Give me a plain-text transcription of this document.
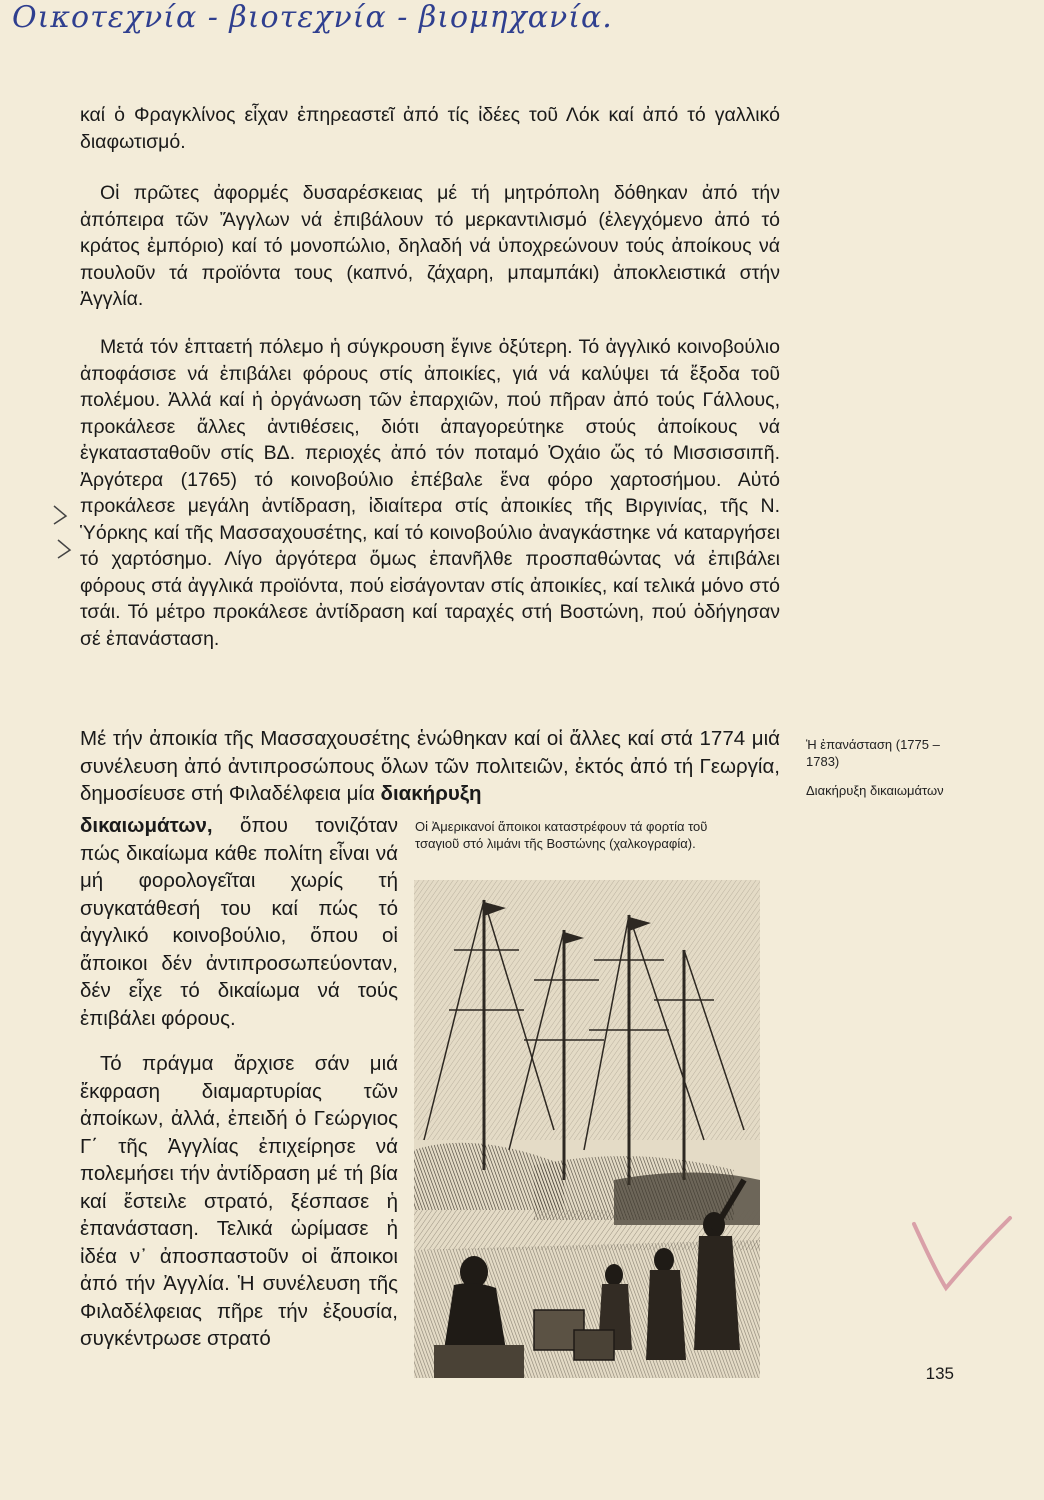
Οικοτεχνία - βιοτεχνία - βιομηχανία.

καί ὁ Φραγκλίνος εἶχαν ἐπηρεαστεῖ ἀπό τίς ἰδέες τοῦ Λόκ καί ἀπό τό γαλλικό διαφωτισμό.

Οἱ πρῶτες ἀφορμές δυσαρέσκειας μέ τή μητρόπολη δόθηκαν ἀπό τήν ἀπόπειρα τῶν Ἄγγλων νά ἐπιβάλουν τό μερκαντιλισμό (ἐλεγχόμενο ἀπό τό κράτος ἐμπόριο) καί τό μονοπώλιο, δηλαδή νά ὑποχρεώνουν τούς ἀποίκους νά πουλοῦν τά προϊόντα τους (καπνό, ζάχαρη, μπαμπάκι) ἀποκλειστικά στήν Ἀγγλία.

Μετά τόν ἑπταετή πόλεμο ἡ σύγκρουση ἔγινε ὀξύτερη. Τό ἀγγλικό κοινοβούλιο ἀποφάσισε νά ἐπιβάλει φόρους στίς ἀποικίες, γιά νά καλύψει τά ἔξοδα τοῦ πολέμου. Ἀλλά καί ἡ ὀργάνωση τῶν ἐπαρχιῶν, πού πῆραν ἀπό τούς Γάλλους, προκάλεσε ἄλλες ἀντιθέσεις, διότι ἀπαγορεύτηκε στούς ἀποίκους νά ἐγκατασταθοῦν στίς ΒΔ. περιοχές ἀπό τόν ποταμό Ὀχάιο ὥς τό Μισσισσιπῆ. Ἀργότερα (1765) τό κοινοβούλιο ἐπέβαλε ἕνα φόρο χαρτοσήμου. Αὐτό προκάλεσε μεγάλη ἀντίδραση, ἰδιαίτερα στίς ἀποικίες τῆς Βιργινίας, τῆς Ν. Ὑόρκης καί τῆς Μασσαχουσέτης, καί τό κοινοβούλιο ἀναγκάστηκε νά καταργήσει τό χαρτόσημο. Λίγο ἀργότερα ὅμως ἐπανῆλθε προσπαθώντας νά ἐπιβάλει φόρους στά ἀγγλικά προϊόντα, πού εἰσάγονταν στίς ἀποικίες, καί τελικά μόνο στό τσάι. Τό μέτρο προκάλεσε ἀντίδραση καί ταραχές στή Βοστώνη, πού ὁδήγησαν σέ ἐπανάσταση.

Μέ τήν ἀποικία τῆς Μασσαχουσέτης ἑνώθηκαν καί οἱ ἄλλες καί στά 1774 μιά συνέλευση ἀπό ἀντιπροσώπους ὅλων τῶν πολιτειῶν, ἐκτός ἀπό τή Γεωργία, δημοσίευσε στή Φιλαδέλφεια μία διακήρυξη

δικαιωμάτων, ὅπου τονιζόταν πώς δικαίωμα κάθε πολίτη εἶναι νά μή φορολογεῖται χωρίς τή συγκατάθεσή του καί πώς τό ἀγγλικό κοινοβούλιο, ὅπου οἱ ἄποικοι δέν ἀντιπροσωπεύονταν, δέν εἶχε τό δικαίωμα νά τούς ἐπιβάλει φόρους.

Τό πράγμα ἄρχισε σάν μιά ἔκφραση διαμαρτυρίας τῶν ἀποίκων, ἀλλά, ἐπειδή ὁ Γεώργιος Γ΄ τῆς Ἀγγλίας ἐπιχείρησε νά πολεμήσει τήν ἀντίδραση μέ τή βία καί ἔστειλε στρατό, ξέσπασε ἡ ἐπανάσταση. Τελικά ὡρίμασε ἡ ἰδέα ν᾿ ἀποσπαστοῦν οἱ ἄποικοι ἀπό τήν Ἀγγλία. Ἡ συνέλευση τῆς Φιλαδέλφειας πῆρε τήν ἐξουσία, συγκέντρωσε στρατό

Ἡ ἐπανάσταση (1775 – 1783)

Διακήρυξη δικαιωμάτων

Οἱ Ἀμερικανοί ἄποικοι καταστρέφουν τά φορτία τοῦ τσαγιοῦ στό λιμάνι τῆς Βοστώνης (χαλκογραφία).

135
